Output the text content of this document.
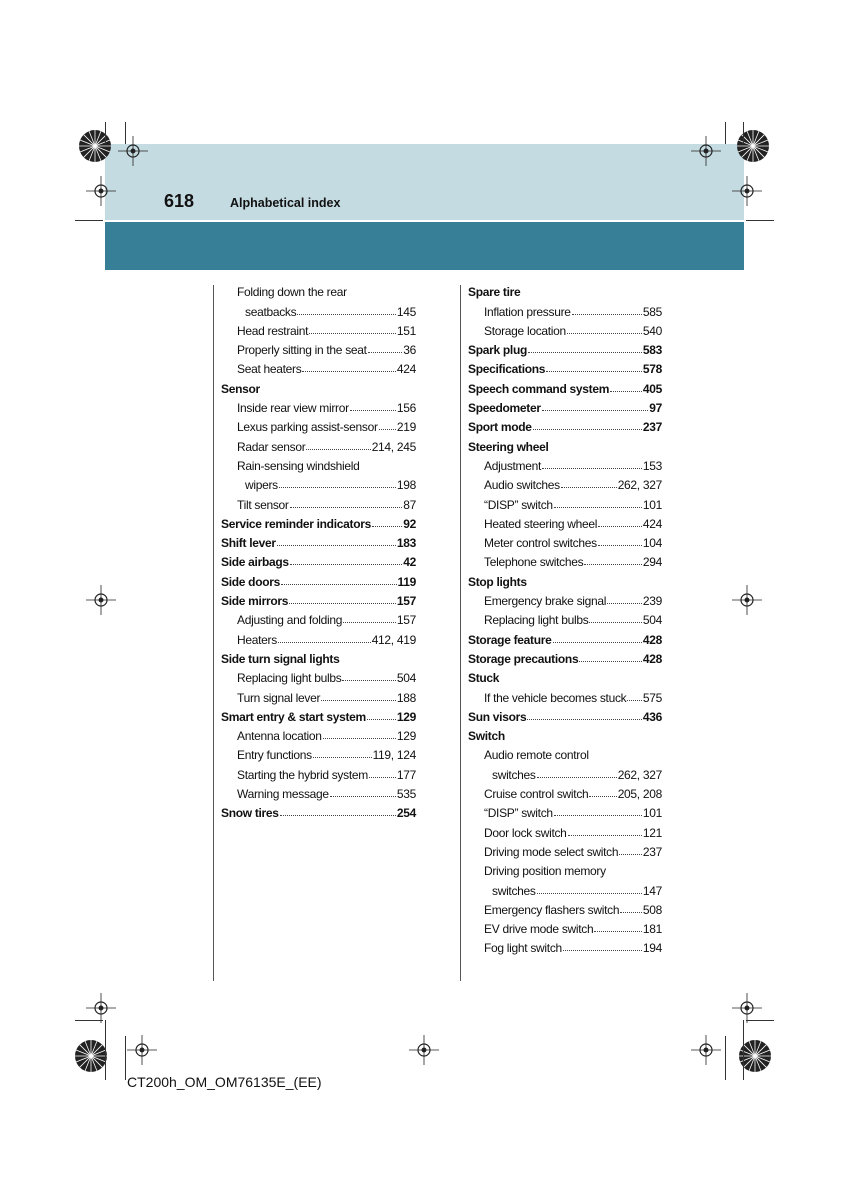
618	Alphabetical index
Folding down the rear
seatbacks	145
Head restraint	151
Properly sitting in the seat	36
Seat heaters	424
Sensor
Inside rear view mirror	156
Lexus parking assist-sensor 219
Radar sensor	214, 245
Rain-sensing windshield
wipers	198
Tilt sensor	87
Service reminder indicators	92
Shift lever	183
Side airbags	42
Side doors	119
Side mirrors	157
Adjusting and folding	157
Heaters	412, 419
Side turn signal lights
Replacing light bulbs	504
Turn signal lever	188
Smart entry & start system	129
Antenna location	129
Entry functions	119, 124
Starting the hybrid system 177
Warning message	535
Snow tires	254
Spare tire
Inflation pressure	585
Storage location	540
Spark plug	583
Specifications	578
Speech command system	405
Speedometer	97
Sport mode	237
Steering wheel
Adjustment	153
Audio switches	262, 327
“DISP” switch	101
Heated steering wheel	424
Meter control switches	104
Telephone switches	294
Stop lights
Emergency brake signal	239
Replacing light bulbs	504
Storage feature	428
Storage precautions	428
Stuck
If the vehicle becomes stuck 575
Sun visors	436
Switch
Audio remote control
switches	262, 327
Cruise control switch 205, 208
“DISP” switch	101
Door lock switch	121
Driving mode select switch 237
Driving position memory
switches	147
Emergency flashers switch 508
EV drive mode switch	181
Fog light switch	194
CT200h_OM_OM76135E_(EE)
